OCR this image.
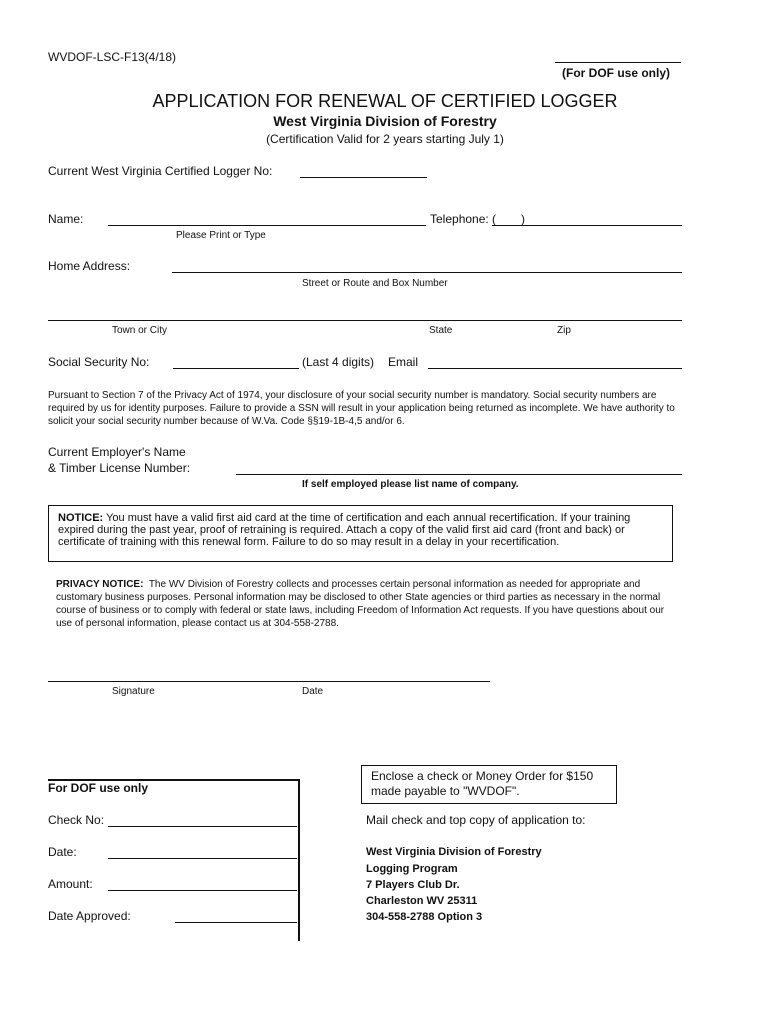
WVDOF-LSC-F13(4/18)
(For DOF use only)
APPLICATION FOR RENEWAL OF CERTIFIED LOGGER
West Virginia Division of Forestry
(Certification Valid for 2 years starting July 1)
Current West Virginia Certified Logger No:
Name:	Telephone: ( )
Please Print or Type
Home Address:
Street or Route and Box Number
Town or City	State	Zip
Social Security No:	(Last 4 digits) Email
Pursuant to Section 7 of the Privacy Act of 1974, your disclosure of your social security number is mandatory. Social security numbers are required by us for identity purposes. Failure to provide a SSN will result in your application being returned as incomplete. We have authority to solicit your social security number because of W.Va. Code §§19-1B-4,5 and/or 6.
Current Employer's Name
& Timber License Number:
If self employed please list name of company.
NOTICE: You must have a valid first aid card at the time of certification and each annual recertification. If your training expired during the past year, proof of retraining is required. Attach a copy of the valid first aid card (front and back) or certificate of training with this renewal form. Failure to do so may result in a delay in your recertification.
PRIVACY NOTICE: The WV Division of Forestry collects and processes certain personal information as needed for appropriate and customary business purposes. Personal information may be disclosed to other State agencies or third parties as necessary in the normal course of business or to comply with federal or state laws, including Freedom of Information Act requests. If you have questions about our use of personal information, please contact us at 304-558-2788.
Signature	Date
For DOF use only
Check No:
Date:
Amount:
Date Approved:
Enclose a check or Money Order for $150
made payable to "WVDOF".
Mail check and top copy of application to:
West Virginia Division of Forestry
Logging Program
7 Players Club Dr.
Charleston WV 25311
304-558-2788 Option 3
